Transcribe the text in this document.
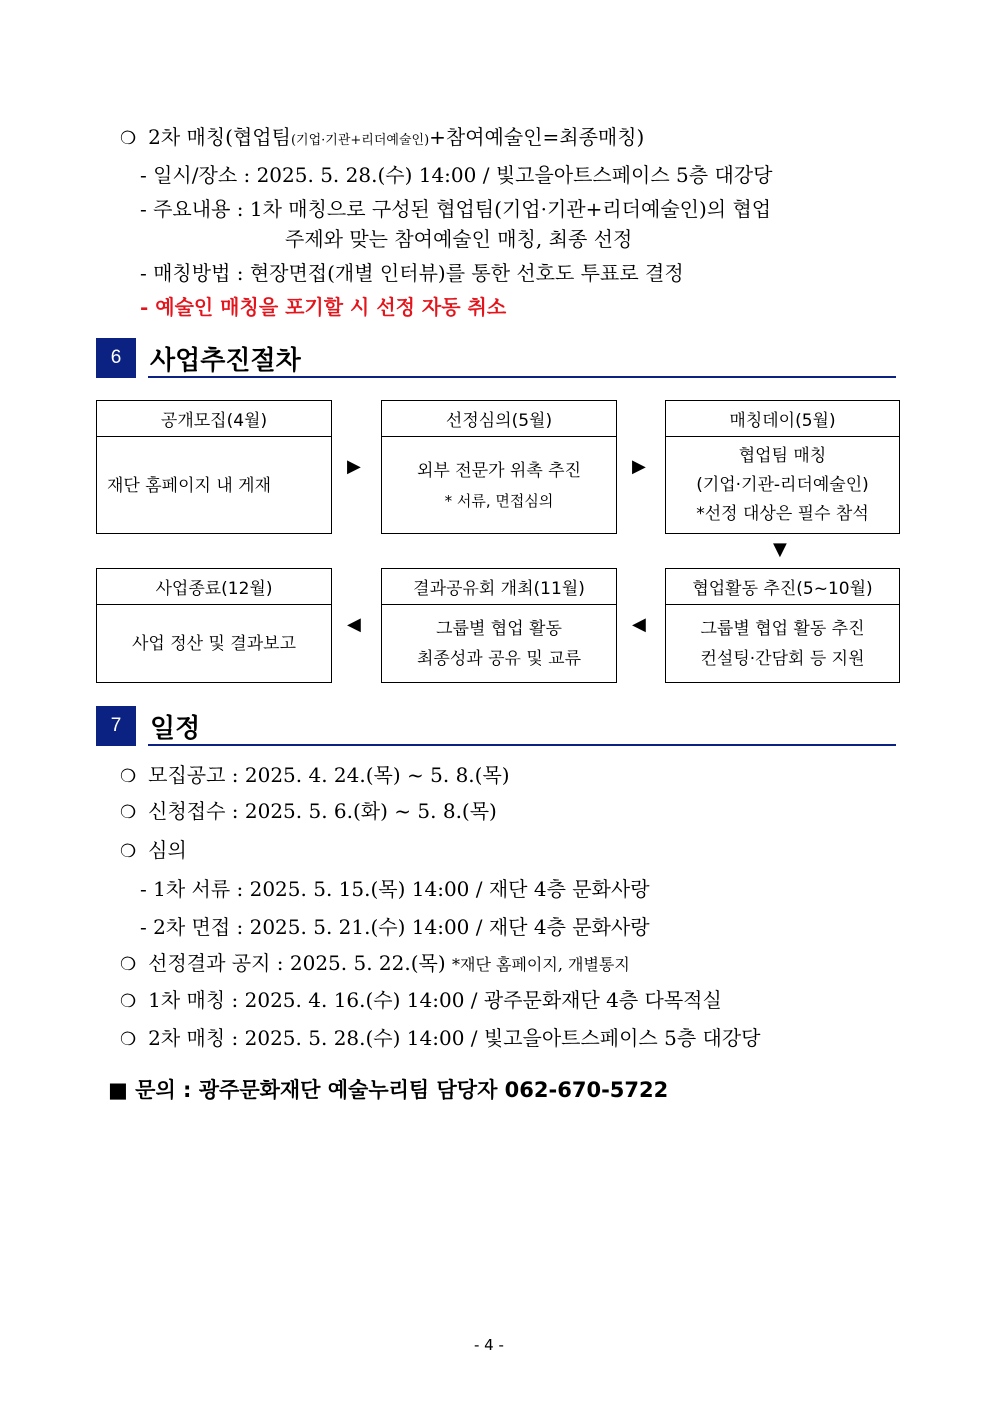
❍ 2차 매칭(협업팀(기업·기관+리더예술인)+참여예술인=최종매칭)
- 일시/장소 : 2025. 5. 28.(수) 14:00 / 빛고을아트스페이스 5층 대강당
- 주요내용 : 1차 매칭으로 구성된 협업팀(기업·기관+리더예술인)의 협업
주제와 맞는 참여예술인 매칭, 최종 선정
- 매칭방법 : 현장면접(개별 인터뷰)를 통한 선호도 투표로 결정
- 예술인 매칭을 포기할 시 선정 자동 취소
6	사업추진절차
공개모집(4월)
재단 홈페이지 내 게재
▶
선정심의(5월)
외부 전문가 위촉 추진
* 서류, 면접심의
▶
매칭데이(5월)
협업팀 매칭
(기업·기관-리더예술인)
*선정 대상은 필수 참석
▼
사업종료(12월)
사업 정산 및 결과보고
◀
결과공유회 개최(11월)
그룹별 협업 활동
최종성과 공유 및 교류
◀
협업활동 추진(5~10월)
그룹별 협업 활동 추진
컨설팅·간담회 등 지원
7	일정
❍ 모집공고 : 2025. 4. 24.(목) ~ 5. 8.(목)
❍ 신청접수 : 2025. 5. 6.(화) ~ 5. 8.(목)
❍ 심의
- 1차 서류 : 2025. 5. 15.(목) 14:00 / 재단 4층 문화사랑
- 2차 면접 : 2025. 5. 21.(수) 14:00 / 재단 4층 문화사랑
❍ 선정결과 공지 : 2025. 5. 22.(목) *재단 홈페이지, 개별통지
❍ 1차 매칭 : 2025. 4. 16.(수) 14:00 / 광주문화재단 4층 다목적실
❍ 2차 매칭 : 2025. 5. 28.(수) 14:00 / 빛고을아트스페이스 5층 대강당
■ 문의 : 광주문화재단 예술누리팀 담당자 062-670-5722
- 4 -
